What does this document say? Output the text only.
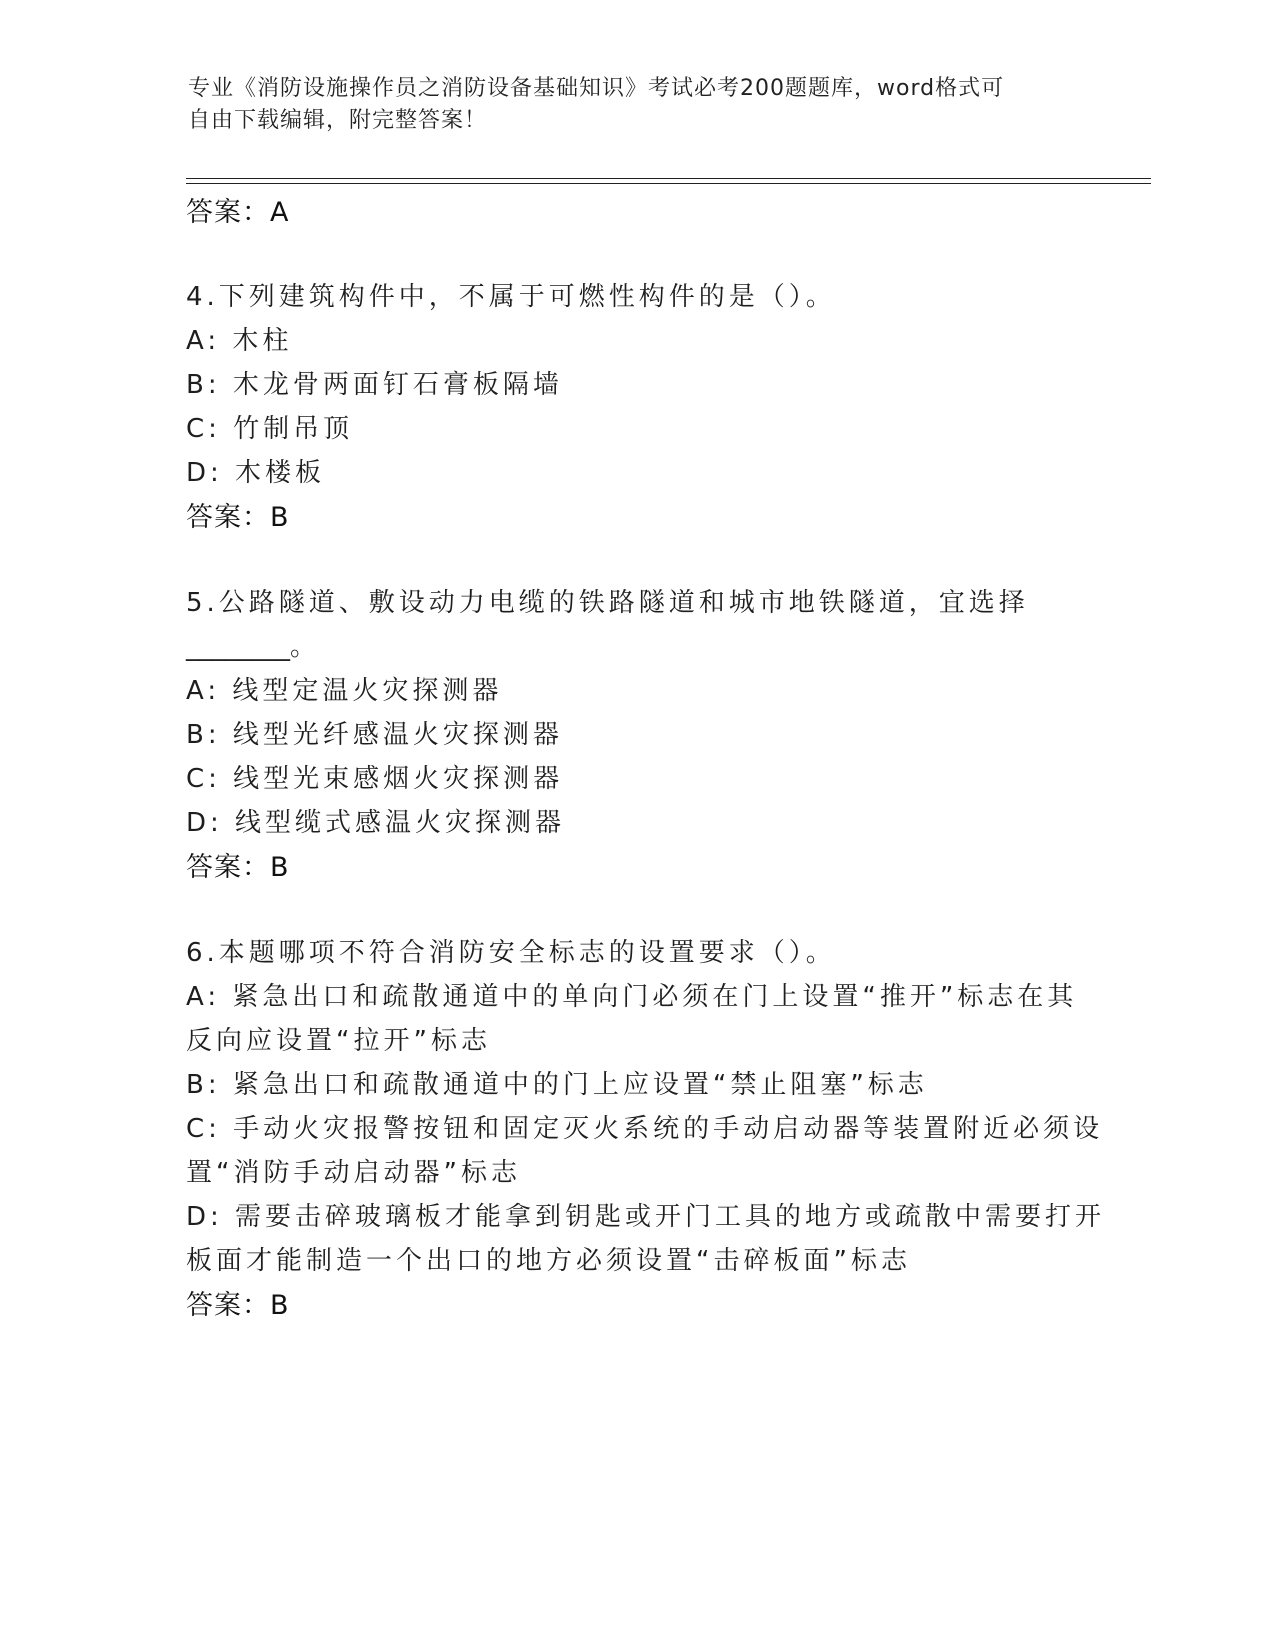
专业《消防设施操作员之消防设备基础知识》考试必考200题题库，word格式可
自由下载编辑，附完整答案！
答案：A
4.下列建筑构件中，不属于可燃性构件的是（）。
A: 木柱
B: 木龙骨两面钉石膏板隔墙
C: 竹制吊顶
D: 木楼板
答案：B
5.公路隧道、敷设动力电缆的铁路隧道和城市地铁隧道，宜选择
________。
A: 线型定温火灾探测器
B: 线型光纤感温火灾探测器
C: 线型光束感烟火灾探测器
D: 线型缆式感温火灾探测器
答案：B
6.本题哪项不符合消防安全标志的设置要求（）。
A: 紧急出口和疏散通道中的单向门必须在门上设置“推开”标志在其
反向应设置“拉开”标志
B: 紧急出口和疏散通道中的门上应设置“禁止阻塞”标志
C: 手动火灾报警按钮和固定灭火系统的手动启动器等装置附近必须设
置“消防手动启动器”标志
D: 需要击碎玻璃板才能拿到钥匙或开门工具的地方或疏散中需要打开
板面才能制造一个出口的地方必须设置“击碎板面”标志
答案：B
